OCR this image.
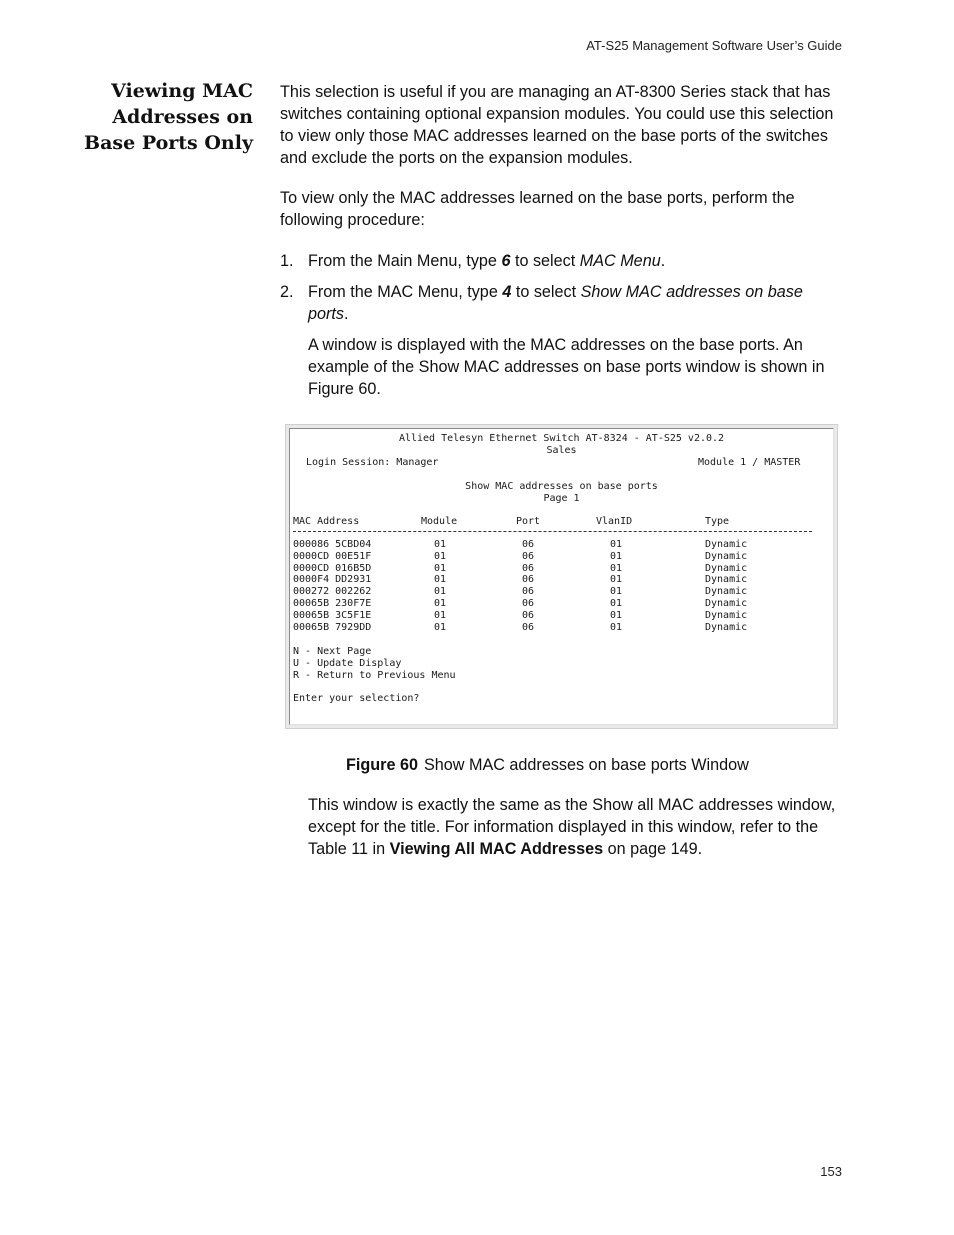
AT-S25 Management Software User’s Guide
Viewing MAC
Addresses on
Base Ports Only
This selection is useful if you are managing an AT-8300 Series stack that has switches containing optional expansion modules. You could use this selection to view only those MAC addresses learned on the base ports of the switches and exclude the ports on the expansion modules.
To view only the MAC addresses learned on the base ports, perform the following procedure:
1. From the Main Menu, type 6 to select MAC Menu.
2. From the MAC Menu, type 4 to select Show MAC addresses on base ports.
A window is displayed with the MAC addresses on the base ports. An example of the Show MAC addresses on base ports window is shown in Figure 60.
Allied Telesyn Ethernet Switch AT-8324 - AT-S25 v2.0.2
Sales
Login Session: Manager	Module 1 / MASTER
Show MAC addresses on base ports
Page 1
MAC Address	Module	Port	VlanID	Type
000086 5CBD04	01	06	01	Dynamic
0000CD 00E51F	01	06	01	Dynamic
0000CD 016B5D	01	06	01	Dynamic
0000F4 DD2931	01	06	01	Dynamic
000272 002262	01	06	01	Dynamic
00065B 230F7E	01	06	01	Dynamic
00065B 3C5F1E	01	06	01	Dynamic
00065B 7929DD	01	06	01	Dynamic
N - Next Page
U - Update Display
R - Return to Previous Menu
Enter your selection?
Figure 60 Show MAC addresses on base ports Window
This window is exactly the same as the Show all MAC addresses window, except for the title. For information displayed in this window, refer to the Table 11 in Viewing All MAC Addresses on page 149.
153
